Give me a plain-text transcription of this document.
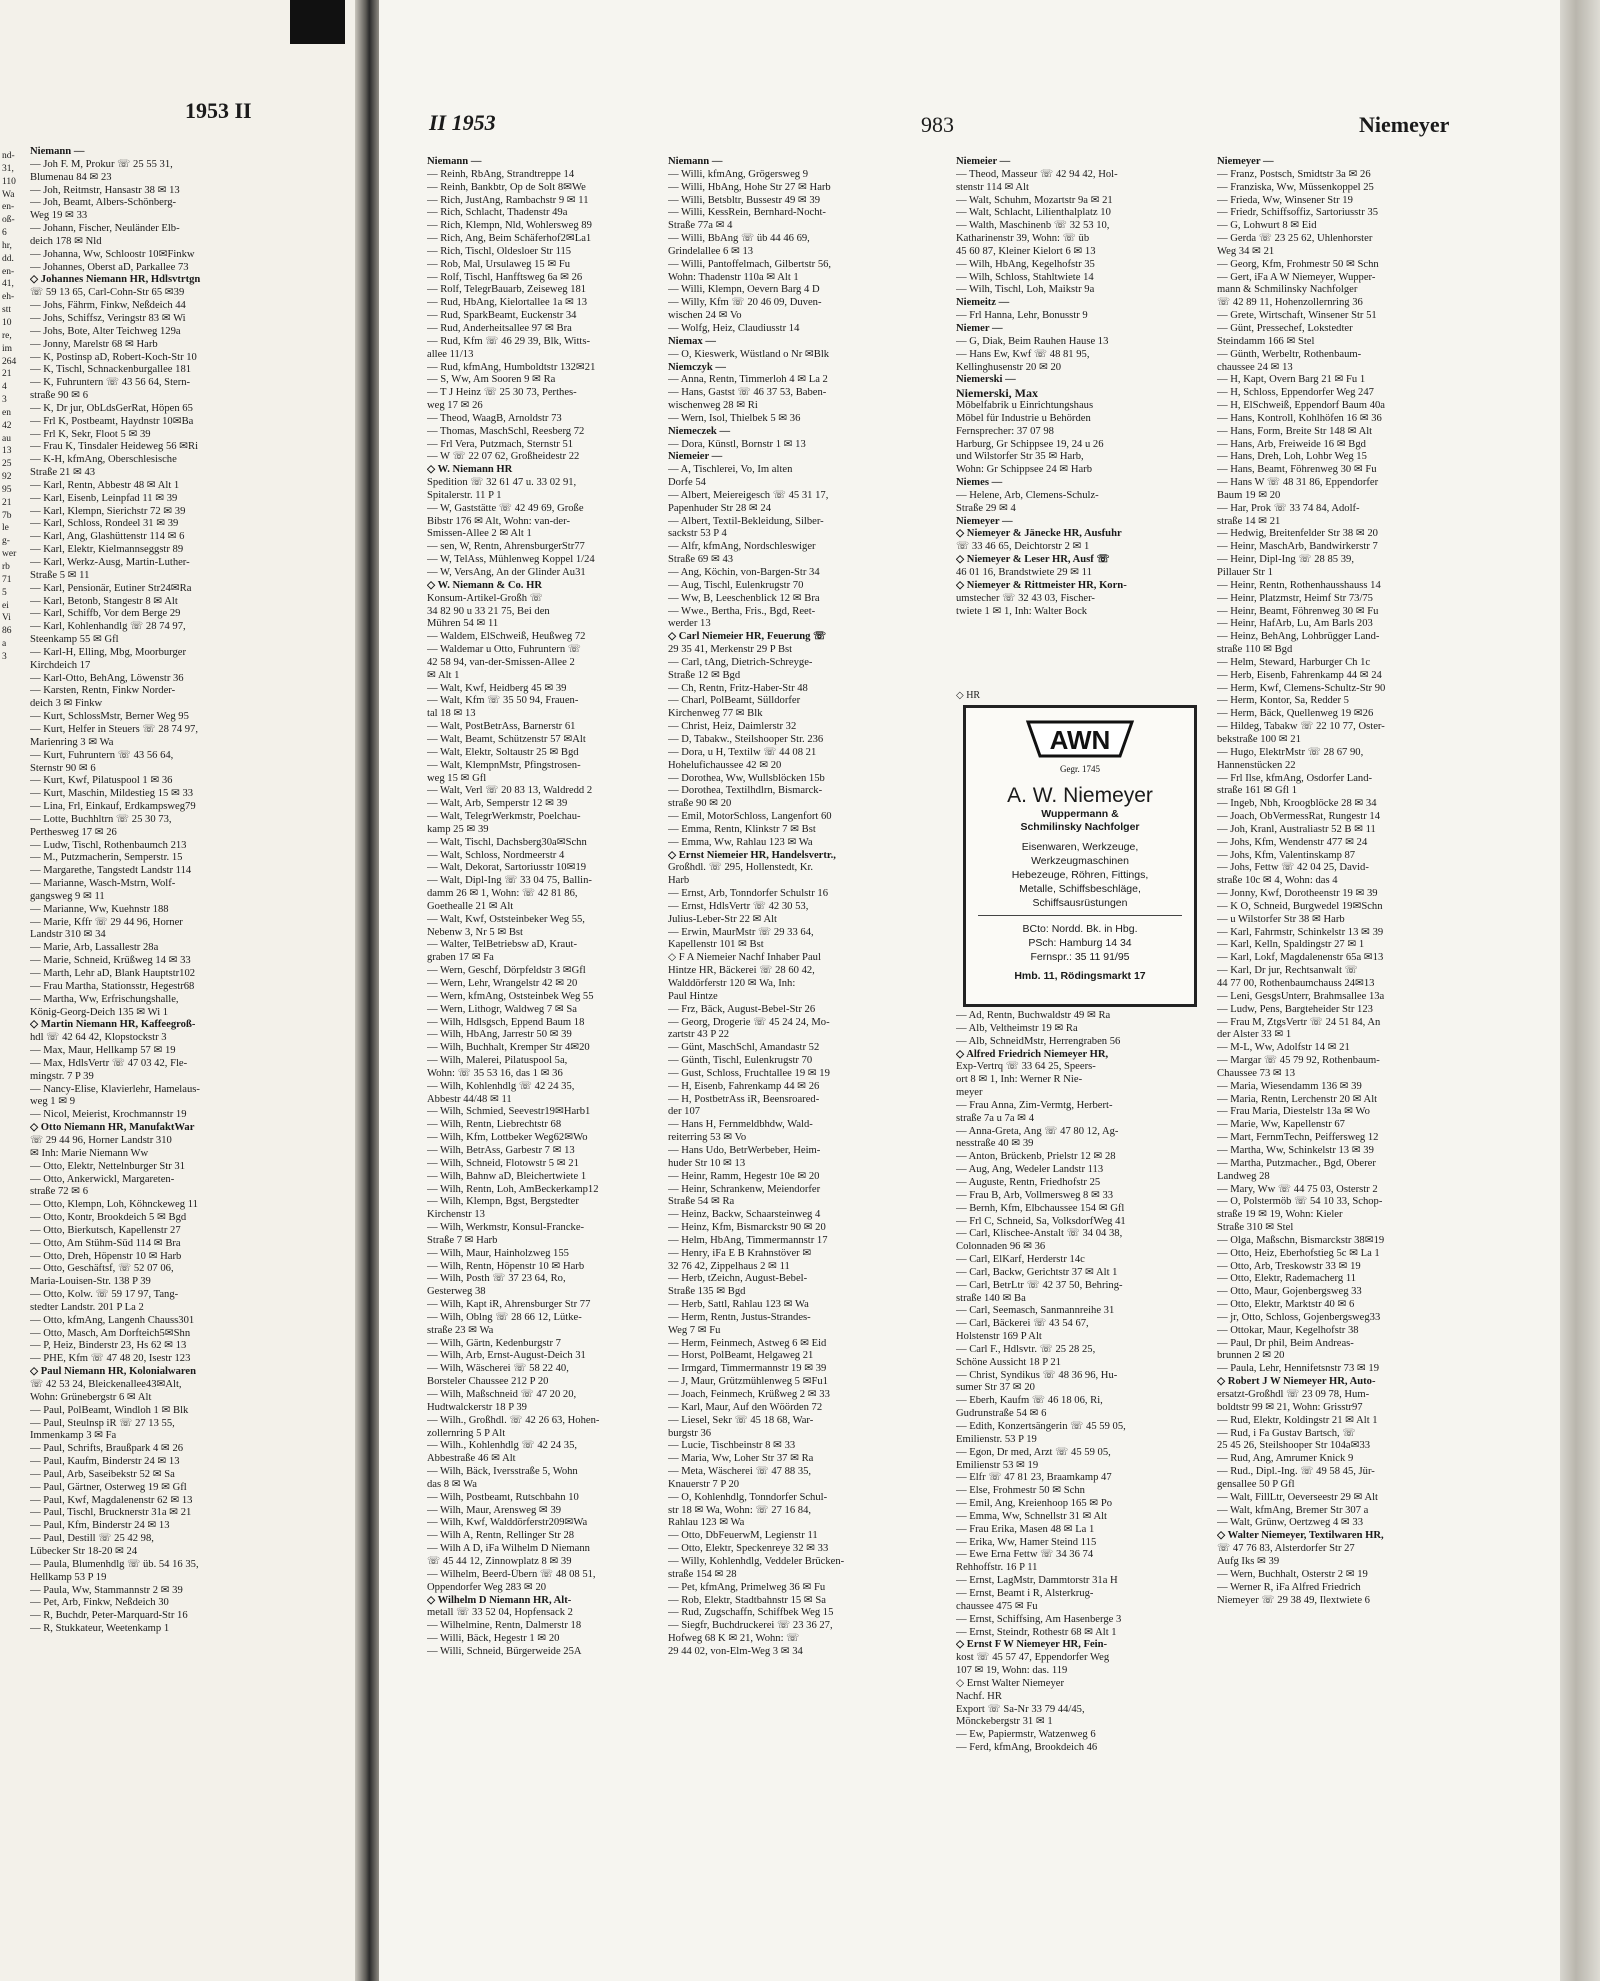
1953 II
nd-
31,
110
Wa
en-
oß-
6
hr,
dd.
en-
41,
eh-
stt
10
re,
im
264
21
4
3
en
42
au
13
25
92
95
21
7b
le
g-
wer
rb
71
5
ei
Vi
86
a
3
Niemann —
— Joh F. M, Prokur ☏ 25 55 31,
Blumenau 84 ✉ 23
— Joh, Reitmstr, Hansastr 38 ✉ 13
— Joh, Beamt, Albers-Schönberg-
Weg 19 ✉ 33
— Johann, Fischer, Neuländer Elb-
deich 178 ✉ Nld
— Johanna, Ww, Schloostr 10✉Finkw
— Johannes, Oberst aD, Parkallee 73
◇ Johannes Niemann HR, Hdlsvtrtgn
☏ 59 13 65, Carl-Cohn-Str 65 ✉39
— Johs, Fährm, Finkw, Neßdeich 44
— Johs, Schiffsz, Veringstr 83 ✉ Wi
— Johs, Bote, Alter Teichweg 129a
— Jonny, Marelstr 68 ✉ Harb
— K, Postinsp aD, Robert-Koch-Str 10
— K, Tischl, Schnackenburgallee 181
— K, Fuhruntern ☏ 43 56 64, Stern-
straße 90 ✉ 6
— K, Dr jur, ObLdsGerRat, Höpen 65
— Frl K, Postbeamt, Haydnstr 10✉Ba
— Frl K, Sekr, Floot 5 ✉ 39
— Frau K, Tinsdaler Heideweg 56 ✉Ri
— K-H, kfmAng, Oberschlesische
Straße 21 ✉ 43
— Karl, Rentn, Abbestr 48 ✉ Alt 1
— Karl, Eisenb, Leinpfad 11 ✉ 39
— Karl, Klempn, Sierichstr 72 ✉ 39
— Karl, Schloss, Rondeel 31 ✉ 39
— Karl, Ang, Glashüttenstr 114 ✉ 6
— Karl, Elektr, Kielmannseggstr 89
— Karl, Werkz-Ausg, Martin-Luther-
Straße 5 ✉ 11
— Karl, Pensionär, Eutiner Str24✉Ra
— Karl, Betonb, Stangestr 8 ✉ Alt
— Karl, Schiffb, Vor dem Berge 29
— Karl, Kohlenhandlg ☏ 28 74 97,
Steenkamp 55 ✉ Gfl
— Karl-H, Elling, Mbg, Moorburger
Kirchdeich 17
— Karl-Otto, BehAng, Löwenstr 36
— Karsten, Rentn, Finkw Norder-
deich 3 ✉ Finkw
— Kurt, SchlossMstr, Berner Weg 95
— Kurt, Helfer in Steuers ☏ 28 74 97,
Marienring 3 ✉ Wa
— Kurt, Fuhruntern ☏ 43 56 64,
Sternstr 90 ✉ 6
— Kurt, Kwf, Pilatuspool 1 ✉ 36
— Kurt, Maschin, Mildestieg 15 ✉ 33
— Lina, Frl, Einkauf, Erdkampsweg79
— Lotte, Buchhltrn ☏ 25 30 73,
Perthesweg 17 ✉ 26
— Ludw, Tischl, Rothenbaumch 213
— M., Putzmacherin, Semperstr. 15
— Margarethe, Tangstedt Landstr 114
— Marianne, Wasch-Mstrn, Wolf-
gangsweg 9 ✉ 11
— Marianne, Ww, Kuehnstr 188
— Marie, Kffr ☏ 29 44 96, Horner
Landstr 310 ✉ 34
— Marie, Arb, Lassallestr 28a
— Marie, Schneid, Krüßweg 14 ✉ 33
— Marth, Lehr aD, Blank Hauptstr102
— Frau Martha, Stationsstr, Hegestr68
— Martha, Ww, Erfrischungshalle,
König-Georg-Deich 135 ✉ Wi 1
◇ Martin Niemann HR, Kaffeegroß-
hdl ☏ 42 64 42, Klopstockstr 3
— Max, Maur, Hellkamp 57 ✉ 19
— Max, HdlsVertr ☏ 47 03 42, Fle-
mingstr. 7 P 39
— Nancy-Elise, Klavierlehr, Hamelaus-
weg 1 ✉ 9
— Nicol, Meierist, Krochmannstr 19
◇ Otto Niemann HR, ManufaktWar
☏ 29 44 96, Horner Landstr 310
✉ Inh: Marie Niemann Ww
— Otto, Elektr, Nettelnburger Str 31
— Otto, Ankerwickl, Margareten-
straße 72 ✉ 6
— Otto, Klempn, Loh, Köhnckeweg 11
— Otto, Kontr, Brookdeich 5 ✉ Bgd
— Otto, Bierkutsch, Kapellenstr 27
— Otto, Am Stühm-Süd 114 ✉ Bra
— Otto, Dreh, Höpenstr 10 ✉ Harb
— Otto, Geschäftsf, ☏ 52 07 06,
Maria-Louisen-Str. 138 P 39
— Otto, Kolw. ☏ 59 17 97, Tang-
stedter Landstr. 201 P La 2
— Otto, kfmAng, Langenh Chauss301
— Otto, Masch, Am Dorfteich5✉Shn
— P, Heiz, Binderstr 23, Hs 62 ✉ 13
— PHE, Kfm ☏ 47 48 20, Isestr 123
◇ Paul Niemann HR, Kolonialwaren
☏ 42 53 24, Bleickenallee43✉Alt,
Wohn: Grünebergstr 6 ✉ Alt
— Paul, PolBeamt, Windloh 1 ✉ Blk
— Paul, Steulnsp iR ☏ 27 13 55,
Immenkamp 3 ✉ Fa
— Paul, Schrifts, Braußpark 4 ✉ 26
— Paul, Kaufm, Binderstr 24 ✉ 13
— Paul, Arb, Saseibekstr 52 ✉ Sa
— Paul, Gärtner, Osterweg 19 ✉ Gfl
— Paul, Kwf, Magdalenenstr 62 ✉ 13
— Paul, Tischl, Brucknerstr 31a ✉ 21
— Paul, Kfm, Binderstr 24 ✉ 13
— Paul, Destill ☏ 25 42 98,
Lübecker Str 18-20 ✉ 24
— Paula, Blumenhdlg ☏ üb. 54 16 35,
Hellkamp 53 P 19
— Paula, Ww, Stammannstr 2 ✉ 39
— Pet, Arb, Finkw, Neßdeich 30
— R, Buchdr, Peter-Marquard-Str 16
— R, Stukkateur, Weetenkamp 1
II 1953	983	Niemeyer
Niemann —
— Reinh, RbAng, Strandtreppe 14
— Reinh, Bankbtr, Op de Solt 8✉We
— Rich, JustAng, Rambachstr 9 ✉ 11
— Rich, Schlacht, Thadenstr 49a
— Rich, Klempn, Nld, Wohlersweg 89
— Rich, Ang, Beim Schäferhof2✉La1
— Rich, Tischl, Oldesloer Str 115
— Rob, Mal, Ursulaweg 15 ✉ Fu
— Rolf, Tischl, Hanfftsweg 6a ✉ 26
— Rolf, TelegrBauarb, Zeiseweg 181
— Rud, HbAng, Kielortallee 1a ✉ 13
— Rud, SparkBeamt, Euckenstr 34
— Rud, Anderheitsallee 97 ✉ Bra
— Rud, Kfm ☏ 46 29 39, Blk, Witts-
allee 11/13
— Rud, kfmAng, Humboldtstr 132✉21
— S, Ww, Am Sooren 9 ✉ Ra
— T J Heinz ☏ 25 30 73, Perthes-
weg 17 ✉ 26
— Theod, WaagB, Arnoldstr 73
— Thomas, MaschSchl, Reesberg 72
— Frl Vera, Putzmach, Sternstr 51
— W ☏ 22 07 62, Großheidestr 22
◇ W. Niemann HR
Spedition ☏ 32 61 47 u. 33 02 91,
Spitalerstr. 11 P 1
— W, Gaststätte ☏ 42 49 69, Große
Bibstr 176 ✉ Alt, Wohn: van-der-
Smissen-Allee 2 ✉ Alt 1
— sen, W, Rentn, AhrensburgerStr77
— W, TelAss, Mühlenweg Koppel 1/24
— W, VersAng, An der Glinder Au31
◇ W. Niemann & Co. HR
Konsum-Artikel-Großh ☏
34 82 90 u 33 21 75, Bei den
Mühren 54 ✉ 11
— Waldem, ElSchweiß, Heußweg 72
— Waldemar u Otto, Fuhruntern ☏
42 58 94, van-der-Smissen-Allee 2
✉ Alt 1
— Walt, Kwf, Heidberg 45 ✉ 39
— Walt, Kfm ☏ 35 50 94, Frauen-
tal 18 ✉ 13
— Walt, PostBetrAss, Barnerstr 61
— Walt, Beamt, Schützenstr 57 ✉Alt
— Walt, Elektr, Soltaustr 25 ✉ Bgd
— Walt, KlempnMstr, Pfingstrosen-
weg 15 ✉ Gfl
— Walt, Verl ☏ 20 83 13, Waldredd 2
— Walt, Arb, Semperstr 12 ✉ 39
— Walt, TelegrWerkmstr, Poelchau-
kamp 25 ✉ 39
— Walt, Tischl, Dachsberg30a✉Schn
— Walt, Schloss, Nordmeerstr 4
— Walt, Dekorat, Sartoriusstr 10✉19
— Walt, Dipl-Ing ☏ 33 04 75, Ballin-
damm 26 ✉ 1, Wohn: ☏ 42 81 86,
Goethealle 21 ✉ Alt
— Walt, Kwf, Oststeinbeker Weg 55,
Nebenw 3, Nr 5 ✉ Bst
— Walter, TelBetriebsw aD, Kraut-
graben 17 ✉ Fa
— Wern, Geschf, Dörpfeldstr 3 ✉Gfl
— Wern, Lehr, Wrangelstr 42 ✉ 20
— Wern, kfmAng, Oststeinbek Weg 55
— Wern, Lithogr, Waldweg 7 ✉ Sa
— Wilh, Hdlsgsch, Eppend Baum 18
— Wilh, HbAng, Jarrestr 50 ✉ 39
— Wilh, Buchhalt, Kremper Str 4✉20
— Wilh, Malerei, Pilatuspool 5a,
Wohn: ☏ 35 53 16, das 1 ✉ 36
— Wilh, Kohlenhdlg ☏ 42 24 35,
Abbestr 44/48 ✉ 11
— Wilh, Schmied, Seevestr19✉Harb1
— Wilh, Rentn, Liebrechtstr 68
— Wilh, Kfm, Lottbeker Weg62✉Wo
— Wilh, BetrAss, Garbestr 7 ✉ 13
— Wilh, Schneid, Flotowstr 5 ✉ 21
— Wilh, Bahnw aD, Bleichertwiete 1
— Wilh, Rentn, Loh, AmBeckerkamp12
— Wilh, Klempn, Bgst, Bergstedter
Kirchenstr 13
— Wilh, Werkmstr, Konsul-Francke-
Straße 7 ✉ Harb
— Wilh, Maur, Hainholzweg 155
— Wilh, Rentn, Höpenstr 10 ✉ Harb
— Wilh, Posth ☏ 37 23 64, Ro,
Gesterweg 38
— Wilh, Kapt iR, Ahrensburger Str 77
— Wilh, Oblng ☏ 28 66 12, Lütke-
straße 23 ✉ Wa
— Wilh, Gärtn, Kedenburgstr 7
— Wilh, Arb, Ernst-August-Deich 31
— Wilh, Wäscherei ☏ 58 22 40,
Borsteler Chaussee 212 P 20
— Wilh, Maßschneid ☏ 47 20 20,
Hudtwalckerstr 18 P 39
— Wilh., Großhdl. ☏ 42 26 63, Hohen-
zollernring 5 P Alt
— Wilh., Kohlenhdlg ☏ 42 24 35,
Abbestraße 46 ✉ Alt
— Wilh, Bäck, Iversstraße 5, Wohn
das 8 ✉ Wa
— Wilh, Postbeamt, Rutschbahn 10
— Wilh, Maur, Arensweg ✉ 39
— Wilh, Kwf, Walddörferstr209✉Wa
— Wilh A, Rentn, Rellinger Str 28
— Wilh A D, iFa Wilhelm D Niemann
☏ 45 44 12, Zinnowplatz 8 ✉ 39
— Wilhelm, Beerd-Übern ☏ 48 08 51,
Oppendorfer Weg 283 ✉ 20
◇ Wilhelm D Niemann HR, Alt-
metall ☏ 33 52 04, Hopfensack 2
— Wilhelmine, Rentn, Dalmerstr 18
— Willi, Bäck, Hegestr 1 ✉ 20
— Willi, Schneid, Bürgerweide 25A
Niemann —
— Willi, kfmAng, Grögersweg 9
— Willi, HbAng, Hohe Str 27 ✉ Harb
— Willi, Betsbltr, Bussestr 49 ✉ 39
— Willi, KessRein, Bernhard-Nocht-
Straße 77a ✉ 4
— Willi, BbAng ☏ üb 44 46 69,
Grindelallee 6 ✉ 13
— Willi, Pantoffelmach, Gilbertstr 56,
Wohn: Thadenstr 110a ✉ Alt 1
— Willi, Klempn, Oevern Barg 4 D
— Willy, Kfm ☏ 20 46 09, Duven-
wischen 24 ✉ Vo
— Wolfg, Heiz, Claudiusstr 14
Niemax —
— O, Kieswerk, Wüstland o Nr ✉Blk
Niemczyk —
— Anna, Rentn, Timmerloh 4 ✉ La 2
— Hans, Gastst ☏ 46 37 53, Baben-
wischenweg 28 ✉ Ri
— Wern, Isol, Thielbek 5 ✉ 36
Niemeczek —
— Dora, Künstl, Bornstr 1 ✉ 13
Niemeier —
— A, Tischlerei, Vo, Im alten
Dorfe 54
— Albert, Meiereigesch ☏ 45 31 17,
Papenhuder Str 28 ✉ 24
— Albert, Textil-Bekleidung, Silber-
sackstr 53 P 4
— Alfr, kfmAng, Nordschleswiger
Straße 69 ✉ 43
— Ang, Köchin, von-Bargen-Str 34
— Aug, Tischl, Eulenkrugstr 70
— Ww, B, Leeschenblick 12 ✉ Bra
— Wwe., Bertha, Fris., Bgd, Reet-
werder 13
◇ Carl Niemeier HR, Feuerung ☏
29 35 41, Merkenstr 29 P Bst
— Carl, tAng, Dietrich-Schreyge-
Straße 12 ✉ Bgd
— Ch, Rentn, Fritz-Haber-Str 48
— Charl, PolBeamt, Sülldorfer
Kirchenweg 77 ✉ Blk
— Christ, Heiz, Daimlerstr 32
— D, Tabakw., Steilshooper Str. 236
— Dora, u H, Textilw ☏ 44 08 21
Hohelufichaussee 42 ✉ 20
— Dorothea, Ww, Wullsblöcken 15b
— Dorothea, Textilhdlrn, Bismarck-
straße 90 ✉ 20
— Emil, MotorSchloss, Langenfort 60
— Emma, Rentn, Klinkstr 7 ✉ Bst
— Emma, Ww, Rahlau 123 ✉ Wa
◇ Ernst Niemeier HR, Handelsvertr.,
Großhdl. ☏ 295, Hollenstedt, Kr.
Harb
— Ernst, Arb, Tonndorfer Schulstr 16
— Ernst, HdlsVertr ☏ 42 30 53,
Julius-Leber-Str 22 ✉ Alt
— Erwin, MaurMstr ☏ 29 33 64,
Kapellenstr 101 ✉ Bst
◇ F A Niemeier Nachf Inhaber Paul
Hintze HR, Bäckerei ☏ 28 60 42,
Walddörferstr 120 ✉ Wa, Inh:
Paul Hintze
— Frz, Bäck, August-Bebel-Str 26
— Georg, Drogerie ☏ 45 24 24, Mo-
zartstr 43 P 22
— Günt, MaschSchl, Amandastr 52
— Günth, Tischl, Eulenkrugstr 70
— Gust, Schloss, Fruchtallee 19 ✉ 19
— H, Eisenb, Fahrenkamp 44 ✉ 26
— H, PostbetrAss iR, Beensroared-
der 107
— Hans H, Fernmeldbhdw, Wald-
reiterring 53 ✉ Vo
— Hans Udo, BetrWerbeber, Heim-
huder Str 10 ✉ 13
— Heinr, Ramm, Hegestr 10e ✉ 20
— Heinr, Schrankenw, Meiendorfer
Straße 54 ✉ Ra
— Heinz, Backw, Schaarsteinweg 4
— Heinz, Kfm, Bismarckstr 90 ✉ 20
— Helm, HbAng, Timmermannstr 17
— Henry, iFa E B Krahnstöver ✉
32 76 42, Zippelhaus 2 ✉ 11
— Herb, tZeichn, August-Bebel-
Straße 135 ✉ Bgd
— Herb, Sattl, Rahlau 123 ✉ Wa
— Herm, Rentn, Justus-Strandes-
Weg 7 ✉ Fu
— Herm, Feinmech, Astweg 6 ✉ Eid
— Horst, PolBeamt, Helgaweg 21
— Irmgard, Timmermannstr 19 ✉ 39
— J, Maur, Grützmühlenweg 5 ✉Fu1
— Joach, Feinmech, Krüßweg 2 ✉ 33
— Karl, Maur, Auf den Wöörden 72
— Liesel, Sekr ☏ 45 18 68, War-
burgstr 36
— Lucie, Tischbeinstr 8 ✉ 33
— Maria, Ww, Loher Str 37 ✉ Ra
— Meta, Wäscherei ☏ 47 88 35,
Knauerstr 7 P 20
— O, Kohlenhdlg, Tonndorfer Schul-
str 18 ✉ Wa, Wohn: ☏ 27 16 84,
Rahlau 123 ✉ Wa
— Otto, DbFeuerwM, Legienstr 11
— Otto, Elektr, Speckenreye 32 ✉ 33
— Willy, Kohlenhdlg, Veddeler Brücken-
straße 154 ✉ 28
— Pet, kfmAng, Primelweg 36 ✉ Fu
— Rob, Elektr, Stadtbahnstr 15 ✉ Sa
— Rud, Zugschaffn, Schiffbek Weg 15
— Siegfr, Buchdruckerei ☏ 23 36 27,
Hofweg 68 K ✉ 21, Wohn: ☏
29 44 02, von-Elm-Weg 3 ✉ 34
Niemeier —
— Theod, Masseur ☏ 42 94 42, Hol-
stenstr 114 ✉ Alt
— Walt, Schuhm, Mozartstr 9a ✉ 21
— Walt, Schlacht, Lilienthalplatz 10
— Walth, Maschinenb ☏ 32 53 10,
Katharinenstr 39, Wohn: ☏ üb
45 60 87, Kleiner Kielort 6 ✉ 13
— Wilh, HbAng, Kegelhofstr 35
— Wilh, Schloss, Stahltwiete 14
— Wilh, Tischl, Loh, Maikstr 9a
Niemeitz —
— Frl Hanna, Lehr, Bonusstr 9
Niemer —
— G, Diak, Beim Rauhen Hause 13
— Hans Ew, Kwf ☏ 48 81 95,
Kellinghusenstr 20 ✉ 20
Niemerski —
Niemerski, Max
Möbelfabrik u Einrichtungshaus
Möbel für Industrie u Behörden
Fernsprecher: 37 07 98
Harburg, Gr Schippsee 19, 24 u 26
und Wilstorfer Str 35 ✉ Harb,
Wohn: Gr Schippsee 24 ✉ Harb
Niemes —
— Helene, Arb, Clemens-Schulz-
Straße 29 ✉ 4
Niemeyer —
◇ Niemeyer & Jänecke HR, Ausfuhr
☏ 33 46 65, Deichtorstr 2 ✉ 1
◇ Niemeyer & Leser HR, Ausf ☏
46 01 16, Brandstwiete 29 ✉ 11
◇ Niemeyer & Rittmeister HR, Korn-
umstecher ☏ 32 43 03, Fischer-
twiete 1 ✉ 1, Inh: Walter Bock
— Ad, Rentn, Buchwaldstr 49 ✉ Ra
— Alb, Veltheimstr 19 ✉ Ra
— Alb, SchneidMstr, Herrengraben 56
◇ Alfred Friedrich Niemeyer HR,
Exp-Vertrq ☏ 33 64 25, Speers-
ort 8 ✉ 1, Inh: Werner R Nie-
meyer
— Frau Anna, Zim-Vermtg, Herbert-
straße 7a u 7a ✉ 4
— Anna-Greta, Ang ☏ 47 80 12, Ag-
nesstraße 40 ✉ 39
— Anton, Brückenb, Prielstr 12 ✉ 28
— Aug, Ang, Wedeler Landstr 113
— Auguste, Rentn, Friedhofstr 25
— Frau B, Arb, Vollmersweg 8 ✉ 33
— Bernh, Kfm, Elbchaussee 154 ✉ Gfl
— Frl C, Schneid, Sa, VolksdorfWeg 41
— Carl, Klischee-Anstalt ☏ 34 04 38,
Colonnaden 96 ✉ 36
— Carl, ElKarf, Herderstr 14c
— Carl, Backw, Gerichtstr 37 ✉ Alt 1
— Carl, BetrLtr ☏ 42 37 50, Behring-
straße 140 ✉ Ba
— Carl, Seemasch, Sanmannreihe 31
— Carl, Bäckerei ☏ 43 54 67,
Holstenstr 169 P Alt
— Carl F., Hdlsvtr. ☏ 25 28 25,
Schöne Aussicht 18 P 21
— Christ, Syndikus ☏ 48 36 96, Hu-
sumer Str 37 ✉ 20
— Eberh, Kaufm ☏ 46 18 06, Ri,
Gudrunstraße 54 ✉ 6
— Edith, Konzertsängerin ☏ 45 59 05,
Emilienstr. 53 P 19
— Egon, Dr med, Arzt ☏ 45 59 05,
Emilienstr 53 ✉ 19
— Elfr ☏ 47 81 23, Braamkamp 47
— Else, Frohmestr 50 ✉ Schn
— Emil, Ang, Kreienhoop 165 ✉ Po
— Emma, Ww, Schnellstr 31 ✉ Alt
— Frau Erika, Masen 48 ✉ La 1
— Erika, Ww, Hamer Steind 115
— Ewe Erna Fettw ☏ 34 36 74
Rehhoffstr. 16 P 11
— Ernst, LagMstr, Dammtorstr 31a H
— Ernst, Beamt i R, Alsterkrug-
chaussee 475 ✉ Fu
— Ernst, Schiffsing, Am Hasenberge 3
— Ernst, Steindr, Rothestr 68 ✉ Alt 1
◇ Ernst F W Niemeyer HR, Fein-
kost ☏ 45 57 47, Eppendorfer Weg
107 ✉ 19, Wohn: das. 119
◇ Ernst Walter Niemeyer
Nachf. HR
Export ☏ Sa-Nr 33 79 44/45,
Mönckebergstr 31 ✉ 1
— Ew, Papiermstr, Watzenweg 6
— Ferd, kfmAng, Brookdeich 46
Niemeyer —
— Franz, Postsch, Smidtstr 3a ✉ 26
— Franziska, Ww, Müssenkoppel 25
— Frieda, Ww, Winsener Str 19
— Friedr, Schiffsoffiz, Sartoriusstr 35
— G, Lohwurt 8 ✉ Eid
— Gerda ☏ 23 25 62, Uhlenhorster
Weg 34 ✉ 21
— Georg, Kfm, Frohmestr 50 ✉ Schn
— Gert, iFa A W Niemeyer, Wupper-
mann & Schmilinsky Nachfolger
☏ 42 89 11, Hohenzollernring 36
— Grete, Wirtschaft, Winsener Str 51
— Günt, Pressechef, Lokstedter
Steindamm 166 ✉ Stel
— Günth, Werbeltr, Rothenbaum-
chaussee 24 ✉ 13
— H, Kapt, Overn Barg 21 ✉ Fu 1
— H, Schloss, Eppendorfer Weg 247
— H, ElSchweiß, Eppendorf Baum 40a
— Hans, Kontroll, Kohlhöfen 16 ✉ 36
— Hans, Form, Breite Str 148 ✉ Alt
— Hans, Arb, Freiweide 16 ✉ Bgd
— Hans, Dreh, Loh, Lohbr Weg 15
— Hans, Beamt, Föhrenweg 30 ✉ Fu
— Hans W ☏ 48 31 86, Eppendorfer
Baum 19 ✉ 20
— Har, Prok ☏ 33 74 84, Adolf-
straße 14 ✉ 21
— Hedwig, Breitenfelder Str 38 ✉ 20
— Heinr, MaschArb, Bandwirkerstr 7
— Heinr, Dipl-Ing ☏ 28 85 39,
Pillauer Str 1
— Heinr, Rentn, Rothenhausshauss 14
— Heinr, Platzmstr, Heimf Str 73/75
— Heinr, Beamt, Föhrenweg 30 ✉ Fu
— Heinr, HafArb, Lu, Am Barls 203
— Heinz, BehAng, Lohbrügger Land-
straße 110 ✉ Bgd
— Helm, Steward, Harburger Ch 1c
— Herb, Eisenb, Fahrenkamp 44 ✉ 24
— Herm, Kwf, Clemens-Schultz-Str 90
— Herm, Kontor, Sa, Redder 5
— Herm, Bäck, Quellenweg 19 ✉26
— Hildeg, Tabakw ☏ 22 10 77, Oster-
bekstraße 100 ✉ 21
— Hugo, ElektrMstr ☏ 28 67 90,
Hannenstücken 22
— Frl Ilse, kfmAng, Osdorfer Land-
straße 161 ✉ Gfl 1
— Ingeb, Nbh, Kroogblöcke 28 ✉ 34
— Joach, ObVermessRat, Rungestr 14
— Joh, Kranl, Australiastr 52 B ✉ 11
— Johs, Kfm, Wendenstr 477 ✉ 24
— Johs, Kfm, Valentinskamp 87
— Johs, Fettw ☏ 42 04 25, David-
straße 10c ✉ 4, Wohn: das 4
— Jonny, Kwf, Dorotheenstr 19 ✉ 39
— K O, Schneid, Burgwedel 19✉Schn
— u Wilstorfer Str 38 ✉ Harb
— Karl, Fahrmstr, Schinkelstr 13 ✉ 39
— Karl, Kelln, Spaldingstr 27 ✉ 1
— Karl, Lokf, Magdalenenstr 65a ✉13
— Karl, Dr jur, Rechtsanwalt ☏
44 77 00, Rothenbaumchauss 24✉13
— Leni, GesgsUnterr, Brahmsallee 13a
— Ludw, Pens, Bargteheider Str 123
— Frau M, ZtgsVertr ☏ 24 51 84, An
der Alster 33 ✉ 1
— M-L, Ww, Adolfstr 14 ✉ 21
— Margar ☏ 45 79 92, Rothenbaum-
Chaussee 73 ✉ 13
— Maria, Wiesendamm 136 ✉ 39
— Maria, Rentn, Lerchenstr 20 ✉ Alt
— Frau Maria, Diestelstr 13a ✉ Wo
— Marie, Ww, Kapellenstr 67
— Mart, FernmTechn, Peiffersweg 12
— Martha, Ww, Schinkelstr 13 ✉ 39
— Martha, Putzmacher., Bgd, Oberer
Landweg 28
— Mary, Ww ☏ 44 75 03, Osterstr 2
— O, Polstermöb ☏ 54 10 33, Schop-
straße 19 ✉ 19, Wohn: Kieler
Straße 310 ✉ Stel
— Olga, Maßschn, Bismarckstr 38✉19
— Otto, Heiz, Eberhofstieg 5c ✉ La 1
— Otto, Arb, Treskowstr 33 ✉ 19
— Otto, Elektr, Rademacherg 11
— Otto, Maur, Gojenbergsweg 33
— Otto, Elektr, Marktstr 40 ✉ 6
— jr, Otto, Schloss, Gojenbergsweg33
— Ottokar, Maur, Kegelhofstr 38
— Paul, Dr phil, Beim Andreas-
brunnen 2 ✉ 20
— Paula, Lehr, Hennifetsnstr 73 ✉ 19
◇ Robert J W Niemeyer HR, Auto-
ersatzt-Großhdl ☏ 23 09 78, Hum-
boldtstr 99 ✉ 21, Wohn: Grisstr97
— Rud, Elektr, Koldingstr 21 ✉ Alt 1
— Rud, i Fa Gustav Bartsch, ☏
25 45 26, Steilshooper Str 104a✉33
— Rud, Ang, Amrumer Knick 9
— Rud., Dipl.-Ing. ☏ 49 58 45, Jür-
gensallee 50 P Gfl
— Walt, FillLtr, Oeverseestr 29 ✉ Alt
— Walt, kfmAng, Bremer Str 307 a
— Walt, Grünw, Oertzweg 4 ✉ 33
◇ Walter Niemeyer, Textilwaren HR,
☏ 47 76 83, Alsterdorfer Str 27
Aufg Iks ✉ 39
— Wern, Buchhalt, Osterstr 2 ✉ 19
— Werner R, iFa Alfred Friedrich
Niemeyer ☏ 29 38 49, Ilextwiete 6
◇ HR
AWN
Gegr. 1745
A. W. Niemeyer
Wuppermann &
Schmilinsky Nachfolger
Eisenwaren, Werkzeuge,
Werkzeugmaschinen
Hebezeuge, Röhren, Fittings,
Metalle, Schiffsbeschläge,
Schiffsausrüstungen
BCto: Nordd. Bk. in Hbg.
PSch: Hamburg 14 34
Fernspr.: 35 11 91/95
Hmb. 11, Rödingsmarkt 17
